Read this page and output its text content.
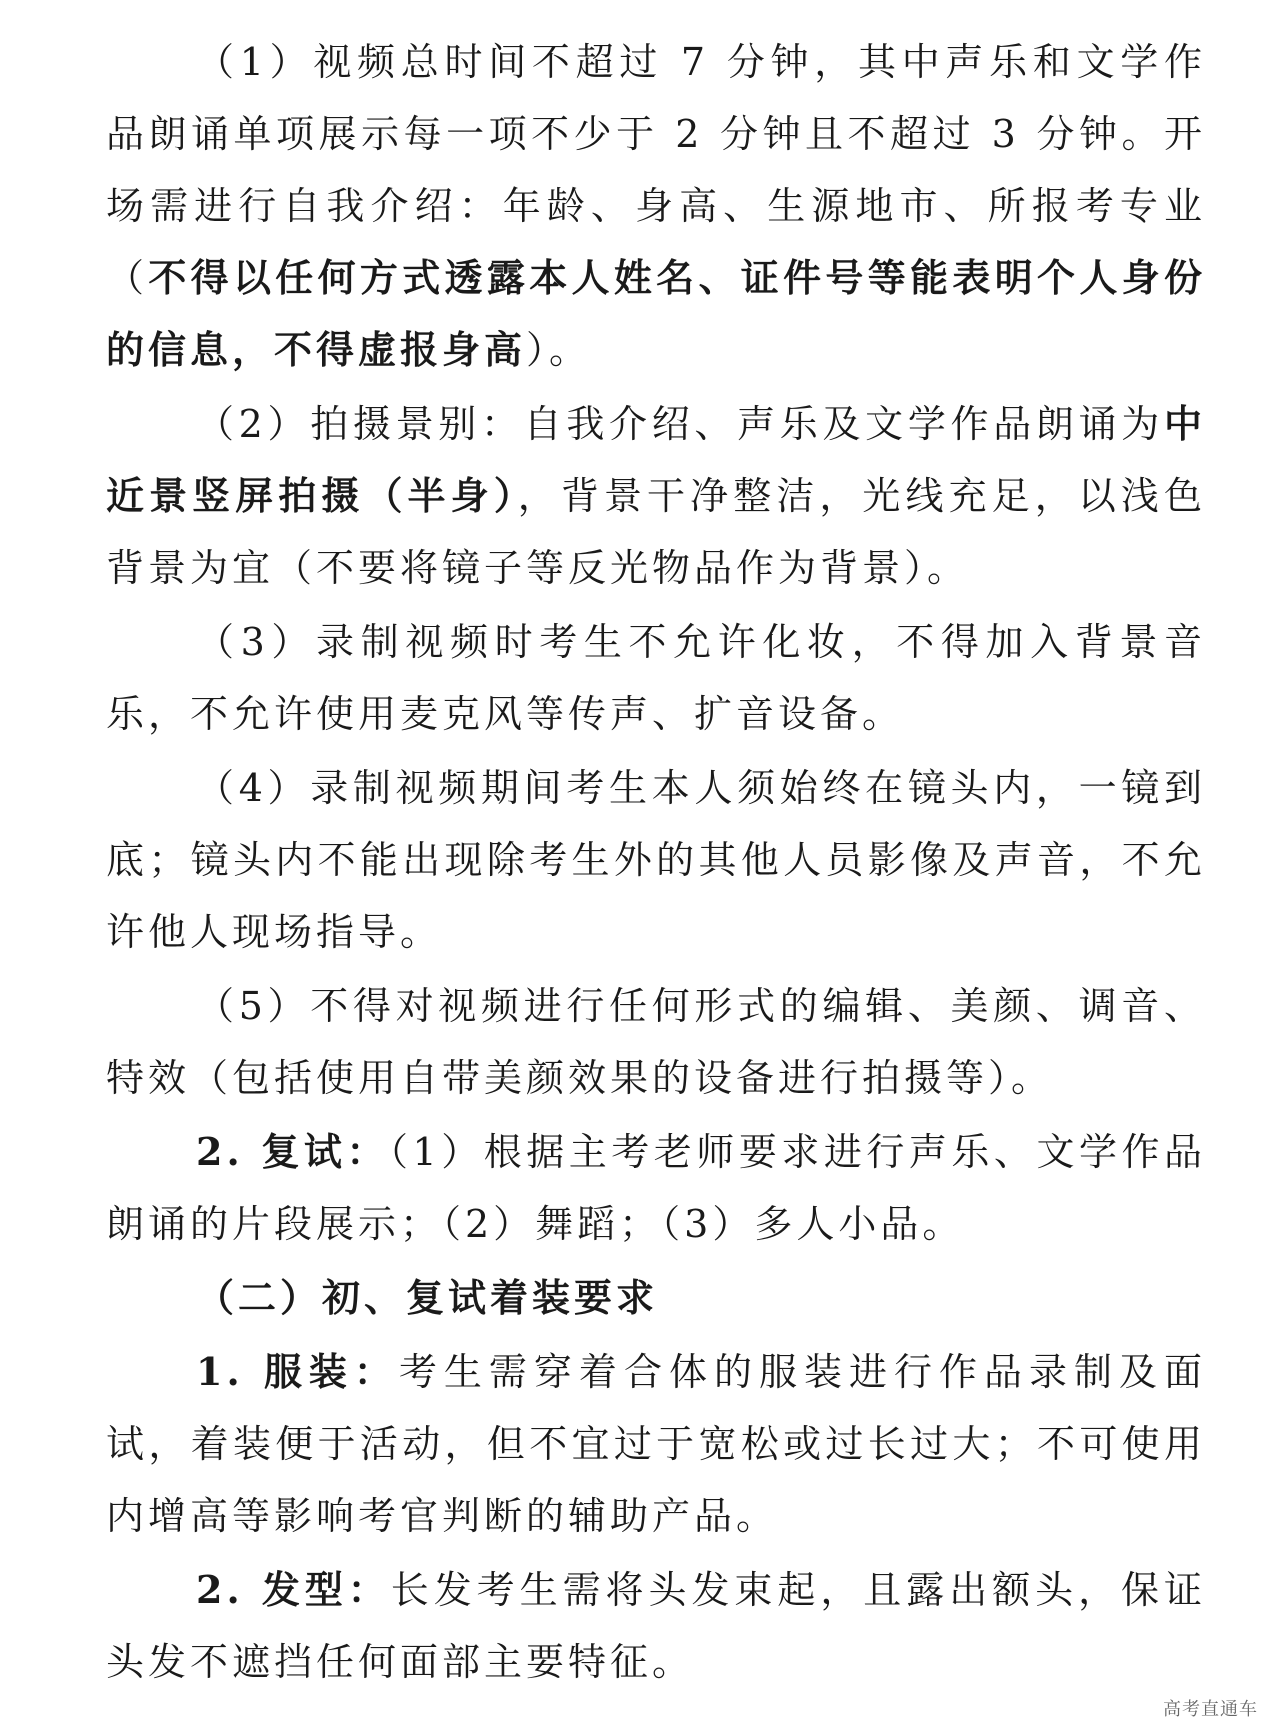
（1）视频总时间不超过 7 分钟，其中声乐和文学作品朗诵单项展示每一项不少于 2 分钟且不超过 3 分钟。开场需进行自我介绍：年龄、身高、生源地市、所报考专业（不得以任何方式透露本人姓名、证件号等能表明个人身份的信息，不得虚报身高）。

（2）拍摄景别：自我介绍、声乐及文学作品朗诵为中近景竖屏拍摄（半身），背景干净整洁，光线充足，以浅色背景为宜（不要将镜子等反光物品作为背景）。

（3）录制视频时考生不允许化妆，不得加入背景音乐，不允许使用麦克风等传声、扩音设备。

（4）录制视频期间考生本人须始终在镜头内，一镜到底；镜头内不能出现除考生外的其他人员影像及声音，不允许他人现场指导。

（5）不得对视频进行任何形式的编辑、美颜、调音、特效（包括使用自带美颜效果的设备进行拍摄等）。

2. 复试：（1）根据主考老师要求进行声乐、文学作品朗诵的片段展示；（2）舞蹈；（3）多人小品。

（二）初、复试着装要求

1. 服装：考生需穿着合体的服装进行作品录制及面试，着装便于活动，但不宜过于宽松或过长过大；不可使用内增高等影响考官判断的辅助产品。

2. 发型：长发考生需将头发束起，且露出额头，保证头发不遮挡任何面部主要特征。

高考直通车
